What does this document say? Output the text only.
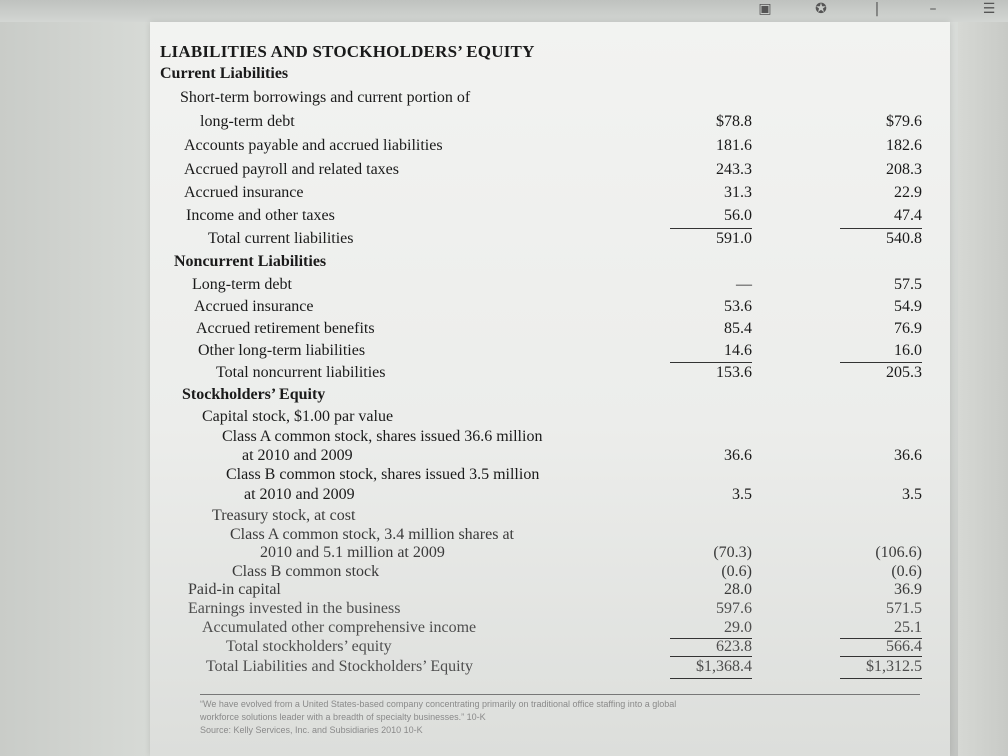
▣	✪	|	–	☰
LIABILITIES AND STOCKHOLDERS’ EQUITY
Current Liabilities
Short-term borrowings and current portion of
long-term debt	$78.8	$79.6
Accounts payable and accrued liabilities	181.6	182.6
Accrued payroll and related taxes	243.3	208.3
Accrued insurance	31.3	22.9
Income and other taxes	56.0	47.4
Total current liabilities	591.0	540.8
Noncurrent Liabilities
Long-term debt	—	57.5
Accrued insurance	53.6	54.9
Accrued retirement benefits	85.4	76.9
Other long-term liabilities	14.6	16.0
Total noncurrent liabilities	153.6	205.3
Stockholders’ Equity
Capital stock, $1.00 par value
Class A common stock, shares issued 36.6 million
at 2010 and 2009	36.6	36.6
Class B common stock, shares issued 3.5 million
at 2010 and 2009	3.5	3.5
Treasury stock, at cost
Class A common stock, 3.4 million shares at
2010 and 5.1 million at 2009	(70.3)	(106.6)
Class B common stock	(0.6)	(0.6)
Paid-in capital	28.0	36.9
Earnings invested in the business	597.6	571.5
Accumulated other comprehensive income	29.0	25.1
Total stockholders’ equity	623.8	566.4
Total Liabilities and Stockholders’ Equity	$1,368.4	$1,312.5
“We have evolved from a United States-based company concentrating primarily on traditional office staffing into a global
workforce solutions leader with a breadth of specialty businesses.” 10-K
Source: Kelly Services, Inc. and Subsidiaries 2010 10-K
